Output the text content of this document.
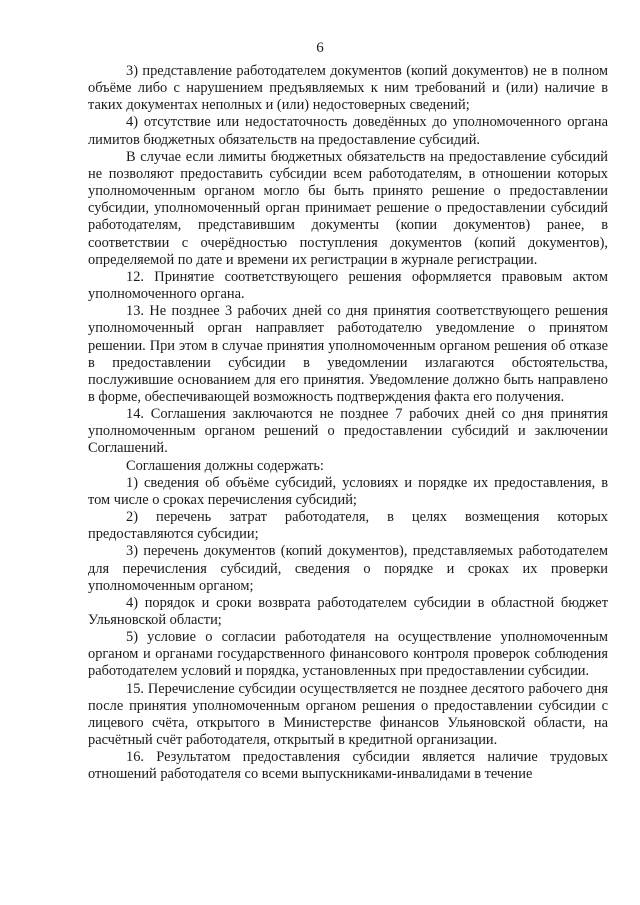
6

3) представление работодателем документов (копий документов) не в полном объёме либо с нарушением предъявляемых к ним требований и (или) наличие в таких документах неполных и (или) недостоверных сведений;

4) отсутствие или недостаточность доведённых до уполномоченного органа лимитов бюджетных обязательств на предоставление субсидий.

В случае если лимиты бюджетных обязательств на предоставление субсидий не позволяют предоставить субсидии всем работодателям, в отношении которых уполномоченным органом могло бы быть принято решение о предоставлении субсидии, уполномоченный орган принимает решение о предоставлении субсидий работодателям, представившим документы (копии документов) ранее, в соответствии с очерёдностью поступления документов (копий документов), определяемой по дате и времени их регистрации в журнале регистрации.

12. Принятие соответствующего решения оформляется правовым актом уполномоченного органа.

13. Не позднее 3 рабочих дней со дня принятия соответствующего решения уполномоченный орган направляет работодателю уведомление о принятом решении. При этом в случае принятия уполномоченным органом решения об отказе в предоставлении субсидии в уведомлении излагаются обстоятельства, послужившие основанием для его принятия. Уведомление должно быть направлено в форме, обеспечивающей возможность подтверждения факта его получения.

14. Соглашения заключаются не позднее 7 рабочих дней со дня принятия уполномоченным органом решений о предоставлении субсидий и заключении Соглашений.

Соглашения должны содержать:

1) сведения об объёме субсидий, условиях и порядке их предоставления, в том числе о сроках перечисления субсидий;

2) перечень затрат работодателя, в целях возмещения которых предоставляются субсидии;

3) перечень документов (копий документов), представляемых работодателем для перечисления субсидий, сведения о порядке и сроках их проверки уполномоченным органом;

4) порядок и сроки возврата работодателем субсидии в областной бюджет Ульяновской области;

5) условие о согласии работодателя на осуществление уполномоченным органом и органами государственного финансового контроля проверок соблюдения работодателем условий и порядка, установленных при предоставлении субсидии.

15. Перечисление субсидии осуществляется не позднее десятого рабочего дня после принятия уполномоченным органом решения о предоставлении субсидии с лицевого счёта, открытого в Министерстве финансов Ульяновской области, на расчётный счёт работодателя, открытый в кредитной организации.

16. Результатом предоставления субсидии является наличие трудовых отношений работодателя со всеми выпускниками-инвалидами в течение
